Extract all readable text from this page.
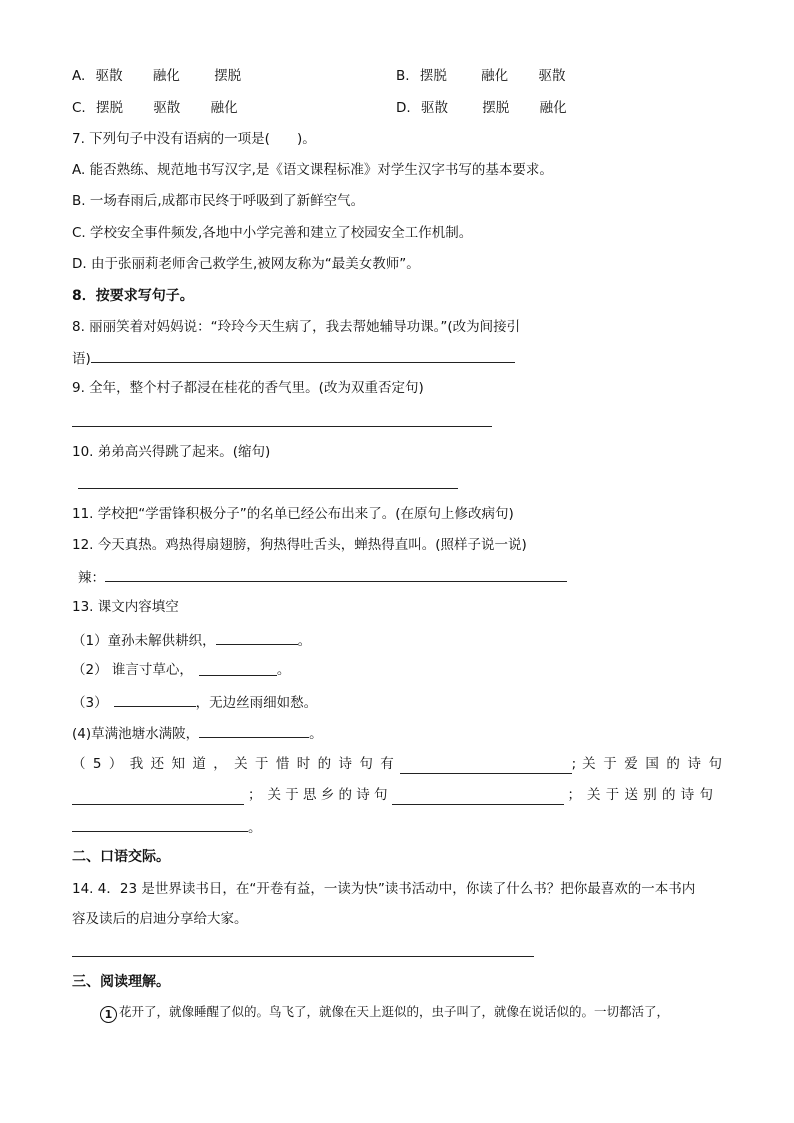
A. 驱散 融化	摆脱	B. 摆脱	融化 驱散
C. 摆脱 驱散 融化	D. 驱散	摆脱 融化
7. 下列句子中没有语病的一项是(　　)。
A. 能否熟练、规范地书写汉字,是《语文课程标准》对学生汉字书写的基本要求。
B. 一场春雨后,成都市民终于呼吸到了新鲜空气。
C. 学校安全事件频发,各地中小学完善和建立了校园安全工作机制。
D. 由于张丽莉老师舍己救学生,被网友称为“最美女教师”。
8．按要求写句子。
8. 丽丽笑着对妈妈说：“玲玲今天生病了，我去帮她辅导功课。”(改为间接引
语)
9. 全年，整个村子都浸在桂花的香气里。(改为双重否定句)
10. 弟弟高兴得跳了起来。(缩句)
11. 学校把“学雷锋积极分子”的名单已经公布出来了。(在原句上修改病句)
12. 今天真热。鸡热得扇翅膀，狗热得吐舌头，蝉热得直叫。(照样子说一说)
辣：
13. 课文内容填空
（1）童孙未解供耕织，	。
（2） 谁言寸草心，	。
（3）	，无边丝雨细如愁。
(4)草满池塘水满陂，	。
（ 5 ） 我 还 知 道 ， 关 于 惜 时 的 诗 句 有	; 关 于 爱 国 的 诗 句
； 关 于 思 乡 的 诗 句	； 关 于 送 别 的 诗 句
。
二、口语交际。
14. 4．23 是世界读书日，在“开卷有益，一读为快”读书活动中，你读了什么书？把你最喜欢的一本书内
容及读后的启迪分享给大家。
三、阅读理解。
1 花开了，就像睡醒了似的。鸟飞了，就像在天上逛似的，虫子叫了，就像在说话似的。一切都活了，
